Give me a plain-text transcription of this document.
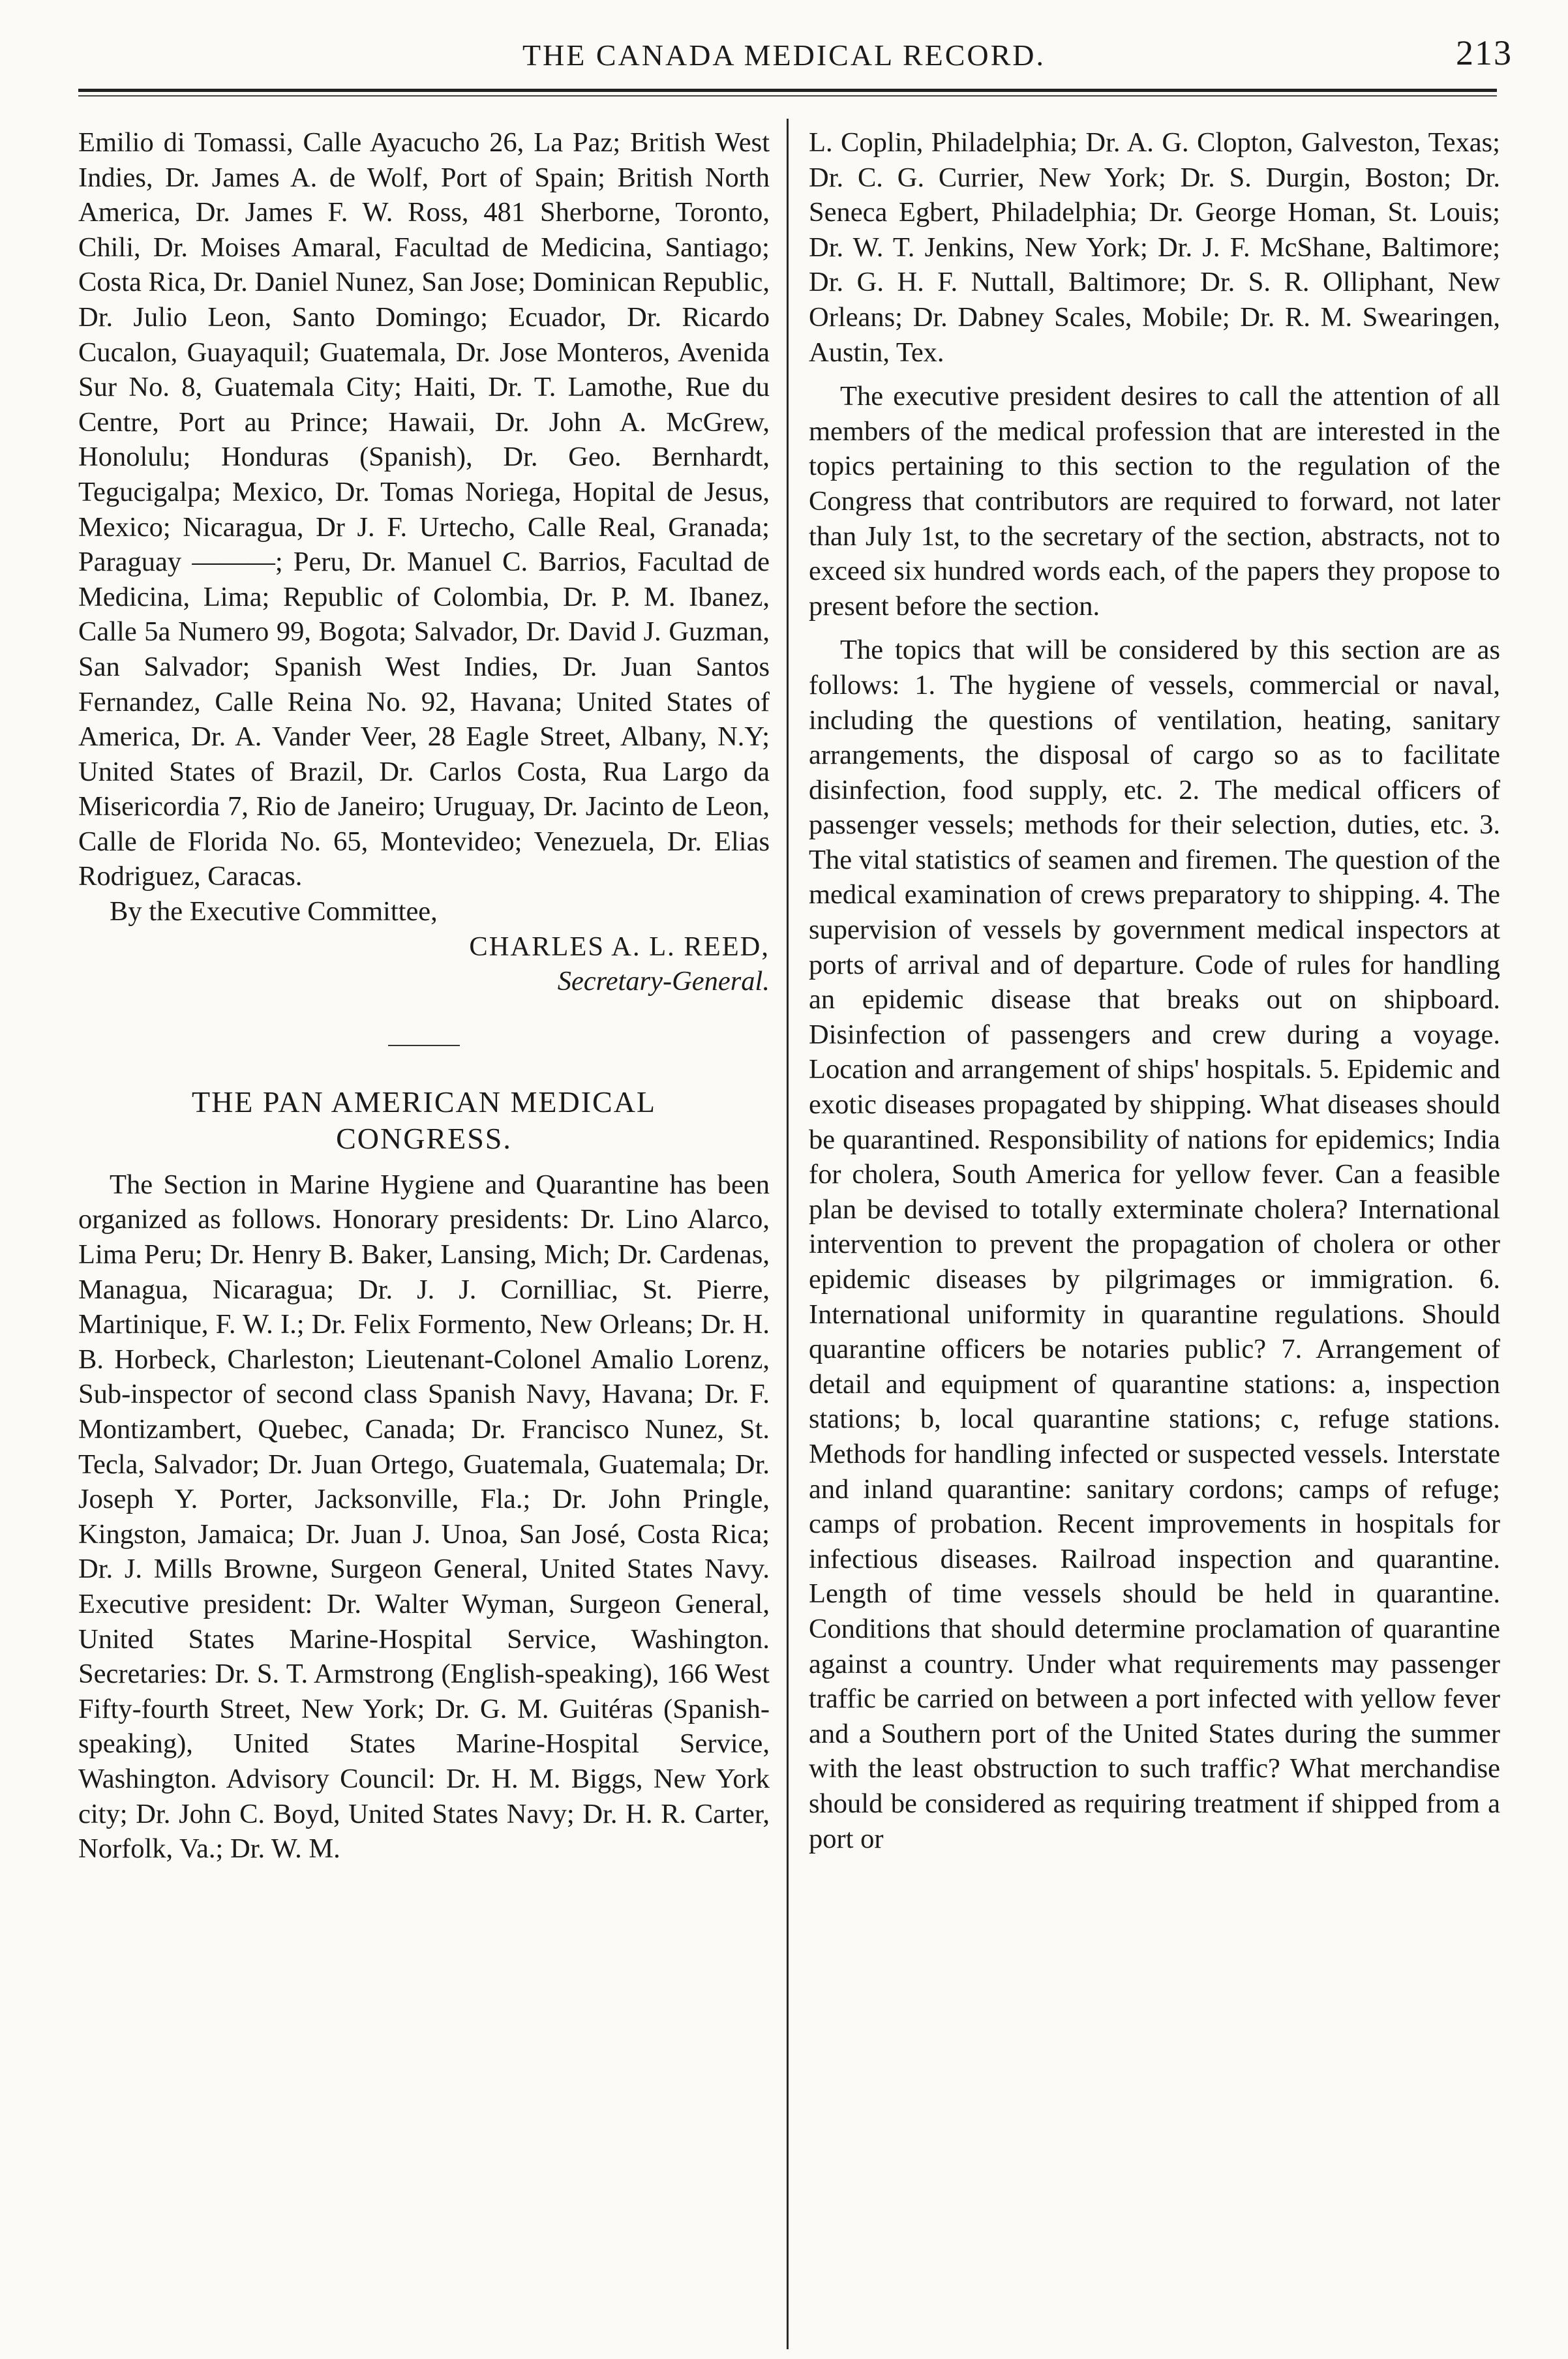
THE CANADA MEDICAL RECORD.	213

Emilio di Tomassi, Calle Ayacucho 26, La Paz; British West Indies, Dr. James A. de Wolf, Port of Spain; British North America, Dr. James F. W. Ross, 481 Sherborne, Toronto, Chili, Dr. Moises Amaral, Facultad de Medicina, Santiago; Costa Rica, Dr. Daniel Nunez, San Jose; Dominican Republic, Dr. Julio Leon, Santo Domingo; Ecuador, Dr. Ricardo Cucalon, Guayaquil; Guatemala, Dr. Jose Monteros, Avenida Sur No. 8, Guatemala City; Haiti, Dr. T. Lamothe, Rue du Centre, Port au Prince; Hawaii, Dr. John A. McGrew, Honolulu; Honduras (Spanish), Dr. Geo. Bernhardt, Tegucigalpa; Mexico, Dr. Tomas Noriega, Hopital de Jesus, Mexico; Nicaragua, Dr J. F. Urtecho, Calle Real, Granada; Paraguay ———; Peru, Dr. Manuel C. Barrios, Facultad de Medicina, Lima; Republic of Colombia, Dr. P. M. Ibanez, Calle 5a Numero 99, Bogota; Salvador, Dr. David J. Guzman, San Salvador; Spanish West Indies, Dr. Juan Santos Fernandez, Calle Reina No. 92, Havana; United States of America, Dr. A. Vander Veer, 28 Eagle Street, Albany, N.Y; United States of Brazil, Dr. Carlos Costa, Rua Largo da Misericordia 7, Rio de Janeiro; Uruguay, Dr. Jacinto de Leon, Calle de Florida No. 65, Montevideo; Venezuela, Dr. Elias Rodriguez, Caracas.

By the Executive Committee,

CHARLES A. L. REED,

Secretary-General.

THE PAN AMERICAN MEDICAL
CONGRESS.

The Section in Marine Hygiene and Quarantine has been organized as follows. Honorary presidents: Dr. Lino Alarco, Lima Peru; Dr. Henry B. Baker, Lansing, Mich; Dr. Cardenas, Managua, Nicaragua; Dr. J. J. Cornilliac, St. Pierre, Martinique, F. W. I.; Dr. Felix Formento, New Orleans; Dr. H. B. Horbeck, Charleston; Lieutenant-Colonel Amalio Lorenz, Sub-inspector of second class Spanish Navy, Havana; Dr. F. Montizambert, Quebec, Canada; Dr. Francisco Nunez, St. Tecla, Salvador; Dr. Juan Ortego, Guatemala, Guatemala; Dr. Joseph Y. Porter, Jacksonville, Fla.; Dr. John Pringle, Kingston, Jamaica; Dr. Juan J. Unoa, San José, Costa Rica; Dr. J. Mills Browne, Surgeon General, United States Navy. Executive president: Dr. Walter Wyman, Surgeon General, United States Marine-Hospital Service, Washington. Secretaries: Dr. S. T. Armstrong (English-speaking), 166 West Fifty-fourth Street, New York; Dr. G. M. Guitéras (Spanish-speaking), United States Marine-Hospital Service, Washington. Advisory Council: Dr. H. M. Biggs, New York city; Dr. John C. Boyd, United States Navy; Dr. H. R. Carter, Norfolk, Va.; Dr. W. M.

L. Coplin, Philadelphia; Dr. A. G. Clopton, Galveston, Texas; Dr. C. G. Currier, New York; Dr. S. Durgin, Boston; Dr. Seneca Egbert, Philadelphia; Dr. George Homan, St. Louis; Dr. W. T. Jenkins, New York; Dr. J. F. McShane, Baltimore; Dr. G. H. F. Nuttall, Baltimore; Dr. S. R. Olliphant, New Orleans; Dr. Dabney Scales, Mobile; Dr. R. M. Swearingen, Austin, Tex.

The executive president desires to call the attention of all members of the medical profession that are interested in the topics pertaining to this section to the regulation of the Congress that contributors are required to forward, not later than July 1st, to the secretary of the section, abstracts, not to exceed six hundred words each, of the papers they propose to present before the section.

The topics that will be considered by this section are as follows: 1. The hygiene of vessels, commercial or naval, including the questions of ventilation, heating, sanitary arrangements, the disposal of cargo so as to facilitate disinfection, food supply, etc. 2. The medical officers of passenger vessels; methods for their selection, duties, etc. 3. The vital statistics of seamen and firemen. The question of the medical examination of crews preparatory to shipping. 4. The supervision of vessels by government medical inspectors at ports of arrival and of departure. Code of rules for handling an epidemic disease that breaks out on shipboard. Disinfection of passengers and crew during a voyage. Location and arrangement of ships' hospitals. 5. Epidemic and exotic diseases propagated by shipping. What diseases should be quarantined. Responsibility of nations for epidemics; India for cholera, South America for yellow fever. Can a feasible plan be devised to totally exterminate cholera? International intervention to prevent the propagation of cholera or other epidemic diseases by pilgrimages or immigration. 6. International uniformity in quarantine regulations. Should quarantine officers be notaries public? 7. Arrangement of detail and equipment of quarantine stations: a, inspection stations; b, local quarantine stations; c, refuge stations. Methods for handling infected or suspected vessels. Interstate and inland quarantine: sanitary cordons; camps of refuge; camps of probation. Recent improvements in hospitals for infectious diseases. Railroad inspection and quarantine. Length of time vessels should be held in quarantine. Conditions that should determine proclamation of quarantine against a country. Under what requirements may passenger traffic be carried on between a port infected with yellow fever and a Southern port of the United States during the summer with the least obstruction to such traffic? What merchandise should be considered as requiring treatment if shipped from a port or
